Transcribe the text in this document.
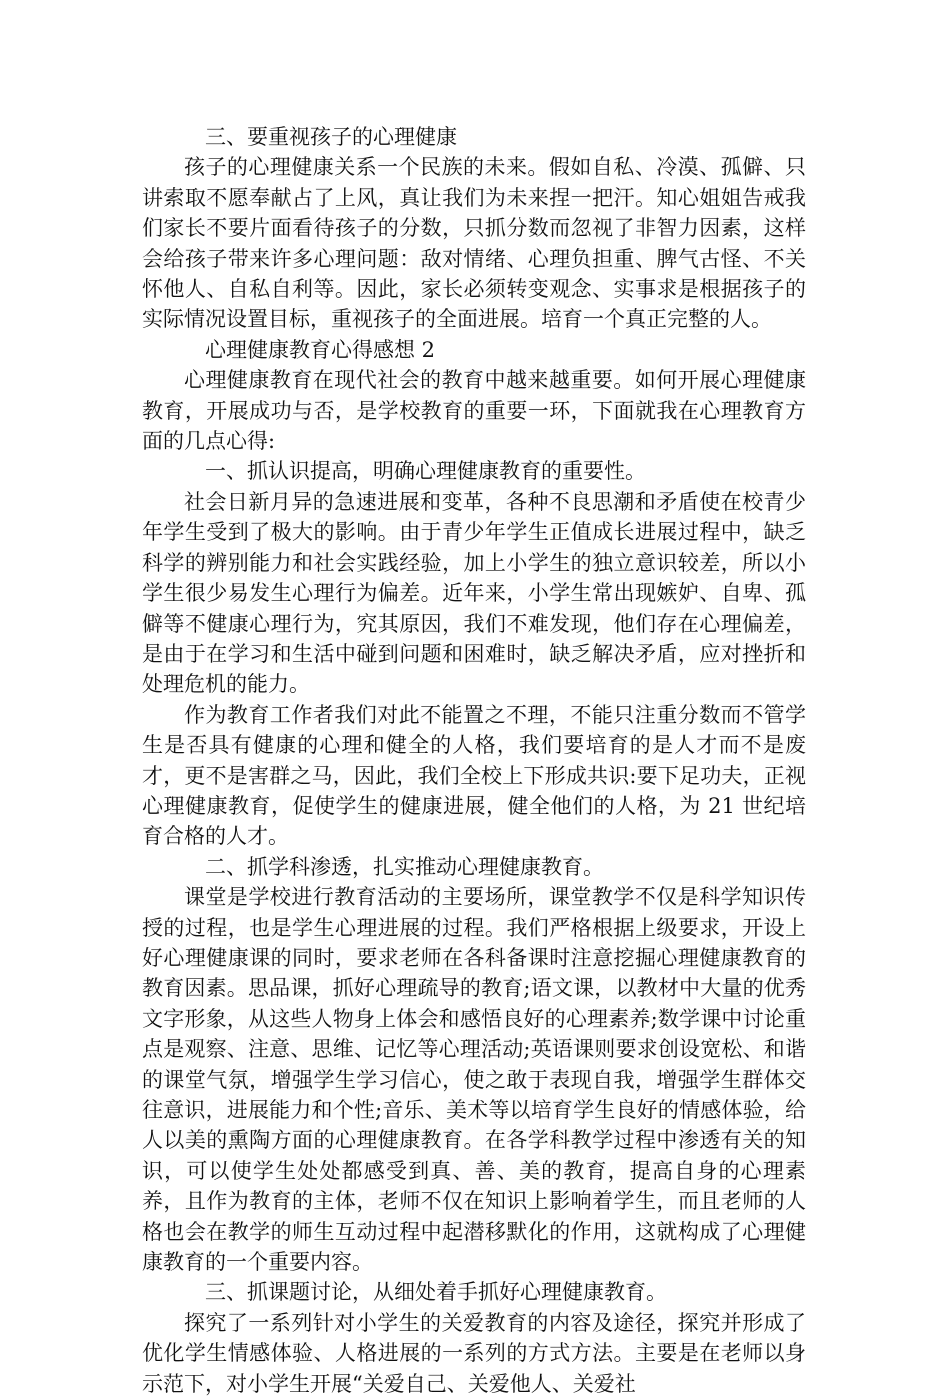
三、要重视孩子的心理健康

孩子的心理健康关系一个民族的未来。假如自私、冷漠、孤僻、只讲索取不愿奉献占了上风，真让我们为未来捏一把汗。知心姐姐告戒我们家长不要片面看待孩子的分数，只抓分数而忽视了非智力因素，这样会给孩子带来许多心理问题：敌对情绪、心理负担重、脾气古怪、不关怀他人、自私自利等。因此，家长必须转变观念、实事求是根据孩子的实际情况设置目标，重视孩子的全面进展。培育一个真正完整的人。

心理健康教育心得感想 2

心理健康教育在现代社会的教育中越来越重要。如何开展心理健康教育，开展成功与否，是学校教育的重要一环，下面就我在心理教育方面的几点心得:

一、抓认识提高，明确心理健康教育的重要性。

社会日新月异的急速进展和变革，各种不良思潮和矛盾使在校青少年学生受到了极大的影响。由于青少年学生正值成长进展过程中，缺乏科学的辨别能力和社会实践经验，加上小学生的独立意识较差，所以小学生很少易发生心理行为偏差。近年来，小学生常出现嫉妒、自卑、孤僻等不健康心理行为，究其原因，我们不难发现，他们存在心理偏差，是由于在学习和生活中碰到问题和困难时，缺乏解决矛盾，应对挫折和处理危机的能力。

作为教育工作者我们对此不能置之不理，不能只注重分数而不管学生是否具有健康的心理和健全的人格，我们要培育的是人才而不是废才，更不是害群之马，因此，我们全校上下形成共识:要下足功夫，正视心理健康教育，促使学生的健康进展，健全他们的人格，为 21 世纪培育合格的人才。

二、抓学科渗透，扎实推动心理健康教育。

课堂是学校进行教育活动的主要场所，课堂教学不仅是科学知识传授的过程，也是学生心理进展的过程。我们严格根据上级要求，开设上好心理健康课的同时，要求老师在各科备课时注意挖掘心理健康教育的教育因素。思品课，抓好心理疏导的教育;语文课，以教材中大量的优秀文字形象，从这些人物身上体会和感悟良好的心理素养;数学课中讨论重点是观察、注意、思维、记忆等心理活动;英语课则要求创设宽松、和谐的课堂气氛，增强学生学习信心，使之敢于表现自我，增强学生群体交往意识，进展能力和个性;音乐、美术等以培育学生良好的情感体验，给人以美的熏陶方面的心理健康教育。在各学科教学过程中渗透有关的知识，可以使学生处处都感受到真、善、美的教育，提高自身的心理素养，且作为教育的主体，老师不仅在知识上影响着学生，而且老师的人格也会在教学的师生互动过程中起潜移默化的作用，这就构成了心理健康教育的一个重要内容。

三、抓课题讨论，从细处着手抓好心理健康教育。

探究了一系列针对小学生的关爱教育的内容及途径，探究并形成了优化学生情感体验、人格进展的一系列的方式方法。主要是在老师以身示范下，对小学生开展“关爱自己、关爱他人、关爱社
